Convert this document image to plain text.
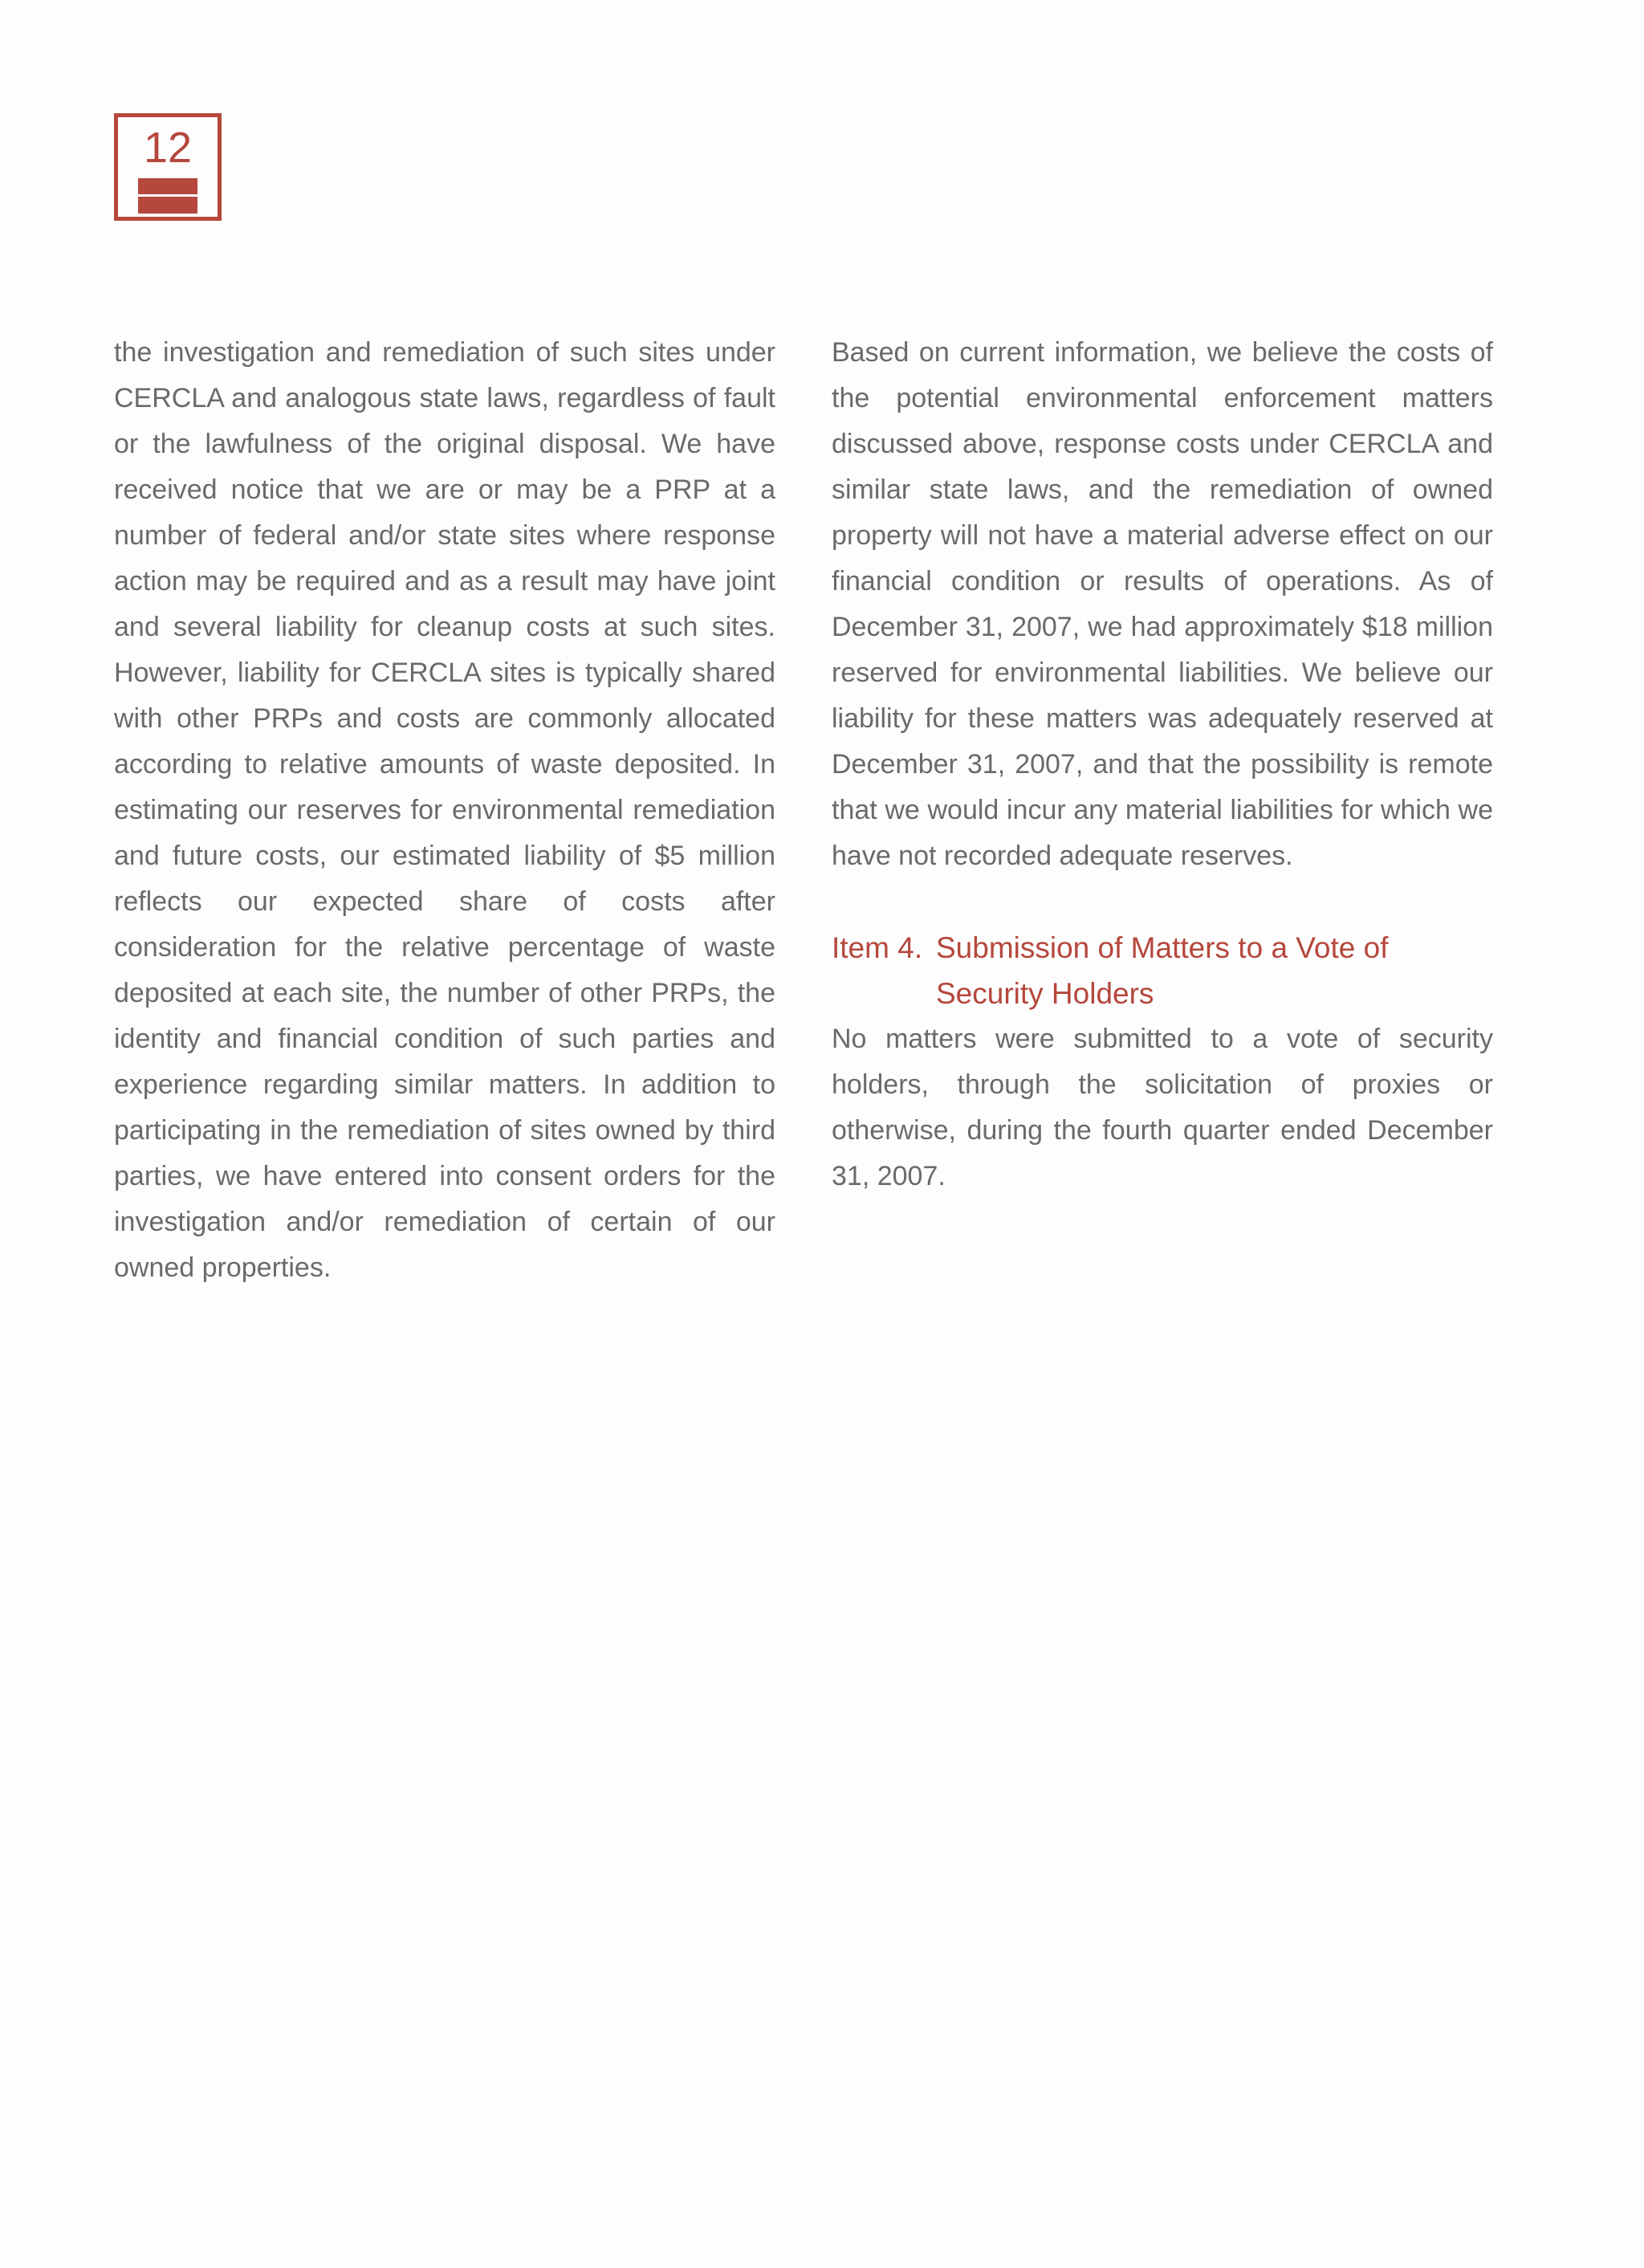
12

the investigation and remediation of such sites under CERCLA and analogous state laws, regardless of fault or the lawfulness of the original disposal. We have received notice that we are or may be a PRP at a number of federal and/or state sites where response action may be required and as a result may have joint and several liability for cleanup costs at such sites. However, liability for CERCLA sites is typically shared with other PRPs and costs are commonly allocated according to relative amounts of waste deposited. In estimating our reserves for environmental remediation and future costs, our estimated liability of $5 million reflects our expected share of costs after consideration for the relative percentage of waste deposited at each site, the number of other PRPs, the identity and financial condition of such parties and experience regarding similar matters. In addition to participating in the remediation of sites owned by third parties, we have entered into consent orders for the investigation and/or remediation of certain of our owned properties.

Based on current information, we believe the costs of the potential environmental enforcement matters discussed above, response costs under CERCLA and similar state laws, and the remediation of owned property will not have a material adverse effect on our financial condition or results of operations. As of December 31, 2007, we had approximately $18 million reserved for environmental liabilities. We believe our liability for these matters was adequately reserved at December 31, 2007, and that the possibility is remote that we would incur any material liabilities for which we have not recorded adequate reserves.

Item 4. Submission of Matters to a Vote of Security Holders

No matters were submitted to a vote of security holders, through the solicitation of proxies or otherwise, during the fourth quarter ended December 31, 2007.
